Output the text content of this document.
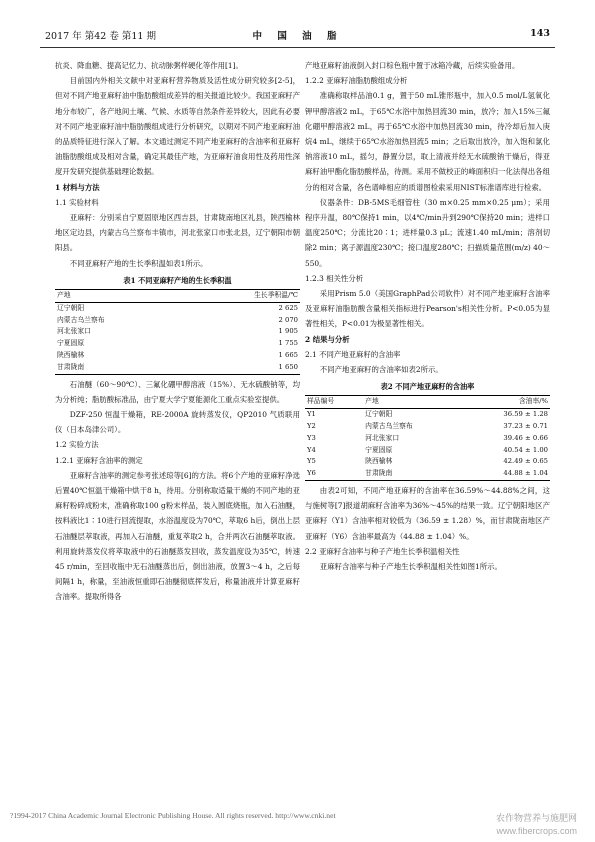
2017 年 第42 卷 第11 期	中 国 油 脂	143

抗炎、降血糖、提高记忆力、抗动脉粥样硬化等作用[1]。

目前国内外相关文献中对亚麻籽营养物质及活性成分研究较多[2-5]，但对不同产地亚麻籽油中脂肪酸组成差异的相关报道比较少。我国亚麻籽产地分布较广，各产地间土壤、气候、水质等自然条件差异较大，因此有必要对不同产地亚麻籽油中脂肪酸组成进行分析研究，以期对不同产地亚麻籽油的品质特征进行深入了解。本文通过测定不同产地亚麻籽的含油率和亚麻籽油脂肪酸组成及相对含量，确定其最佳产地，为亚麻籽油食用性及药用性深度开发研究提供基础理论数据。

1 材料与方法
1.1 实验材料

亚麻籽：分别采自宁夏固原地区西吉县，甘肃陇南地区礼县，陕西榆林地区定边县，内蒙古乌兰察布丰镇市，河北张家口市张北县，辽宁朝阳市朝阳县。

不同亚麻籽产地的生长季积温如表1所示。

表1 不同亚麻籽产地的生长季积温
产地	生长季积温/℃
辽宁朝阳	2 625
内蒙古乌兰察布	2 070
河北张家口	1 905
宁夏固原	1 755
陕西榆林	1 665
甘肃陇南	1 650

石油醚（60～90℃）、三氟化硼甲醇溶液（15%）、无水硫酸钠等，均为分析纯；脂肪酸标准品，由宁夏大学宁夏能源化工重点实验室提供。

DZF-250 恒温干燥箱，RE-2000A 旋转蒸发仪，QP2010 气质联用仪（日本岛津公司）。

1.2 实验方法
1.2.1 亚麻籽含油率的测定

亚麻籽含油率的测定参考张述琼等[6]的方法。将6个产地的亚麻籽净选后置40℃恒温干燥箱中烘干8 h，待用。分别称取适量干燥的不同产地的亚麻籽粉碎成粉末，准确称取100 g粉末样品，装入圆底烧瓶，加入石油醚，按料液比1∶10进行回流提取，水浴温度设为70℃，萃取6 h后，倒出上层石油醚层萃取液，再加入石油醚，重复萃取2 h，合并两次石油醚萃取液。利用旋转蒸发仪将萃取液中的石油醚蒸发回收，蒸发温度设为35℃，转速45 r/min，至回收瓶中无石油醚蒸出后，倒出油液，放置3～4 h，之后每间隔1 h，称量，至油液恒重即石油醚彻底挥发后，称量油液并计算亚麻籽含油率。提取所得各

产地亚麻籽油液倒入封口棕色瓶中置于冰箱冷藏，后续实验备用。

1.2.2 亚麻籽油脂肪酸组成分析

准确称取样品油0.1 g，置于50 mL锥形瓶中，加入0.5 mol/L氢氧化钾甲醇溶液2 mL，于65℃水浴中加热回流30 min，放冷；加入15%三氟化硼甲醇溶液2 mL，再于65℃水浴中加热回流30 min，待冷却后加入庚烷4 mL，继续于65℃水浴加热回流5 min；之后取出放冷，加入饱和氯化钠溶液10 mL，摇匀，静置分层，取上清液并经无水硫酸钠干燥后，得亚麻籽油甲酯化脂肪酸样品，待测。采用不做校正的峰面积归一化法得出各组分的相对含量，各色谱峰相应的质谱图检索采用NIST标准谱库进行检索。

仪器条件：DB-5MS毛细管柱（30 m×0.25 mm×0.25 μm）；采用程序升温，80℃保持1 min，以4℃/min升到290℃保持20 min；进样口温度250℃；分流比20∶1；进样量0.3 μL；流速1.40 mL/min；溶剂切除2 min；离子源温度230℃；接口温度280℃；扫描质量范围(m/z) 40～550。

1.2.3 相关性分析

采用Prism 5.0（美国GraphPad公司软件）对不同产地亚麻籽含油率及亚麻籽油脂肪酸含量相关指标进行Pearson's相关性分析。P<0.05为显著性相关，P<0.01为极显著性相关。

2 结果与分析
2.1 不同产地亚麻籽的含油率

不同产地亚麻籽的含油率如表2所示。

表2 不同产地亚麻籽的含油率
样品编号	产地	含油率/%
Y1	辽宁朝阳	36.59 ± 1.28
Y2	内蒙古乌兰察布	37.23 ± 0.71
Y3	河北张家口	39.46 ± 0.66
Y4	宁夏固原	40.54 ± 1.00
Y5	陕西榆林	42.49 ± 0.65
Y6	甘肃陇南	44.88 ± 1.04

由表2可知，不同产地亚麻籽的含油率在36.59%～44.88%之间，这与施树等[7]报道胡麻籽含油率为36%～45%的结果一致。辽宁朝阳地区产亚麻籽（Y1）含油率相对较低为（36.59 ± 1.28）%，而甘肃陇南地区产亚麻籽（Y6）含油率最高为（44.88 ± 1.04）%。

2.2 亚麻籽含油率与种子产地生长季积温相关性

亚麻籽含油率与种子产地生长季积温相关性如图1所示。

?1994-2017 China Academic Journal Electronic Publishing House. All rights reserved. http://www.cnki.net	农作物营养与施肥网
www.fibercrops.com
